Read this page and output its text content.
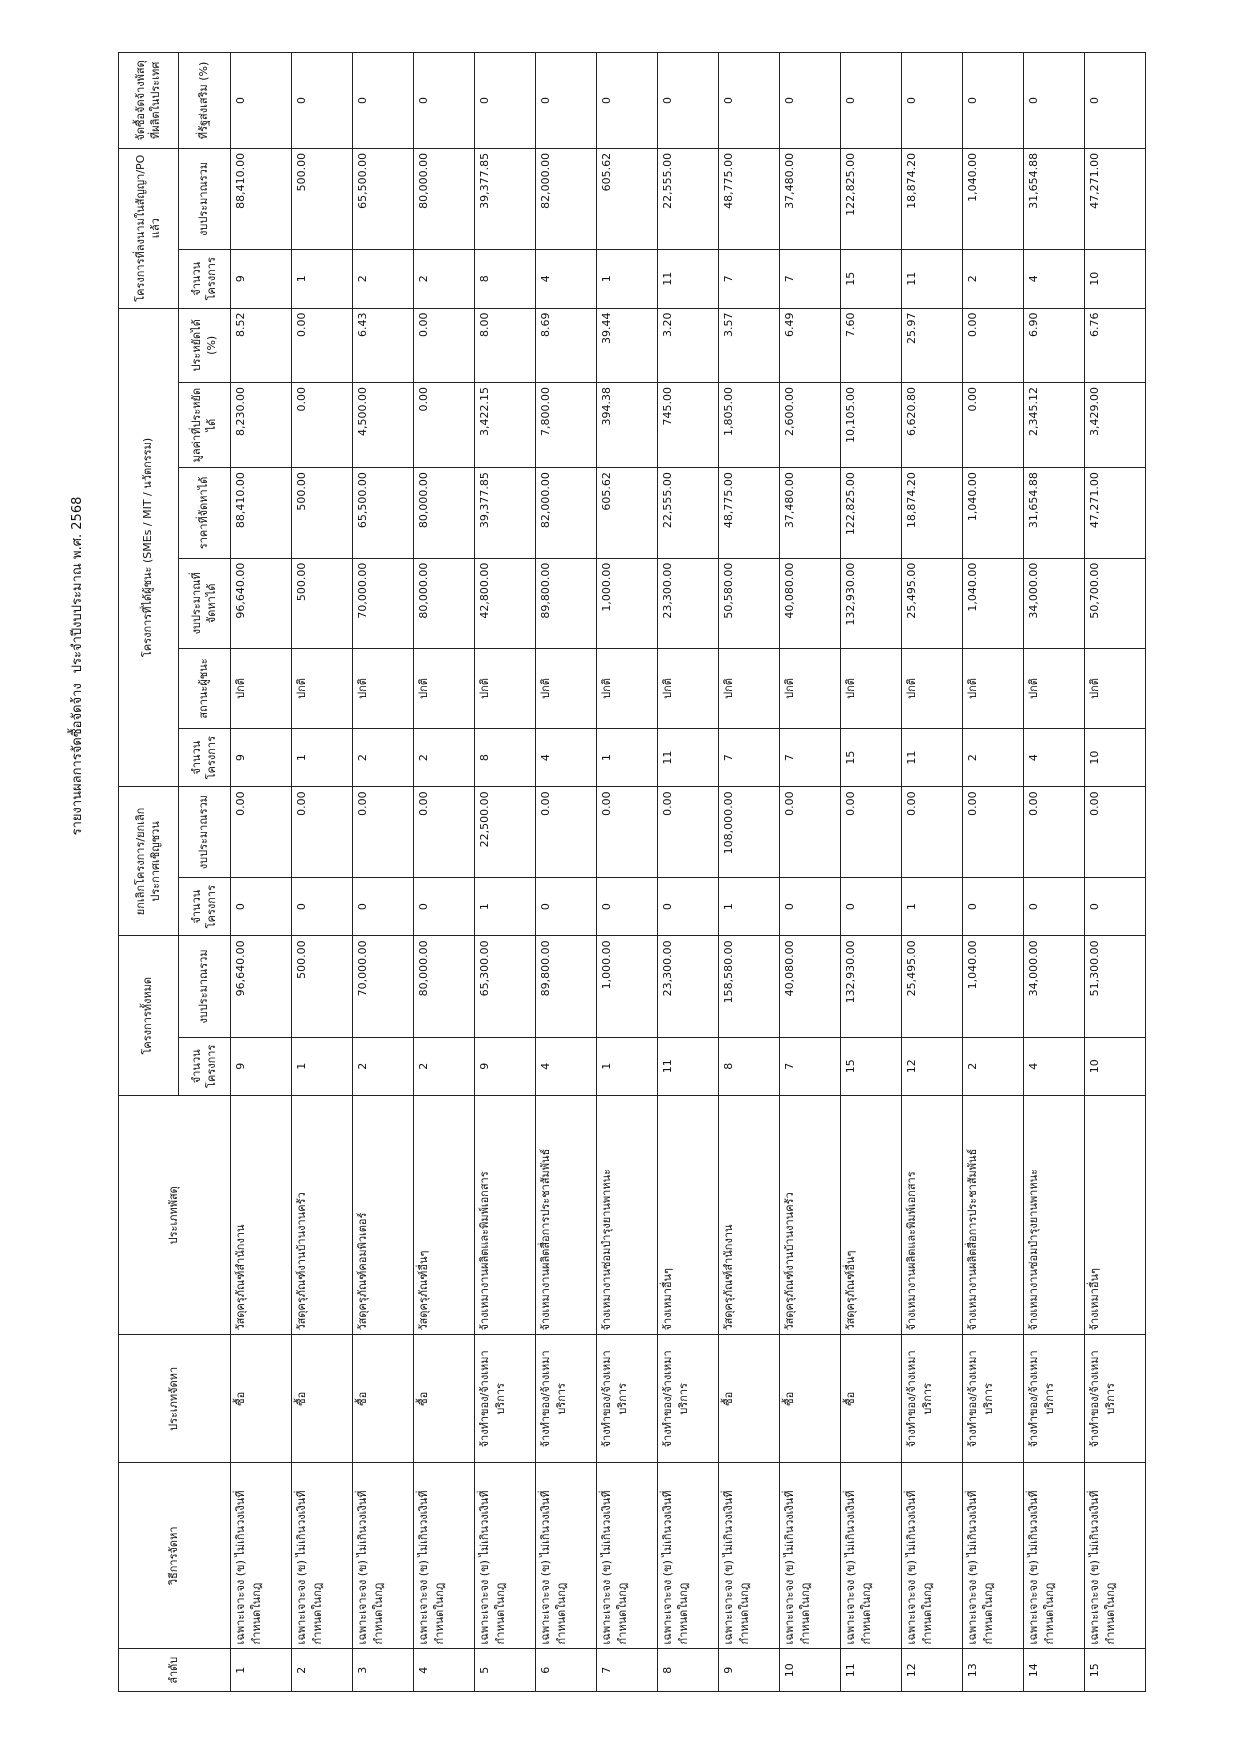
รายงานผลการจัดซื้อจัดจ้าง
ประจำปีงบประมาณ พ.ศ. 2568
ลำดับ	วิธีการจัดหา	ประเภทจัดหา	ประเภทพัสดุ	โครงการทั้งหมด		ยกเลิกโครงการ/ยกเลิกประกาศเชิญชวน		โครงการที่ได้ผู้ชนะ (SMEs / MIT / นวัตกรรม)						โครงการที่ลงนามในสัญญา/PO แล้ว		จัดซื้อจัดจ้างพัสดุที่ผลิตในประเทศ
				จำนวนโครงการ	งบประมาณรวม	จำนวนโครงการ	งบประมาณรวม	จำนวนโครงการ	สถานะผู้ชนะ	งบประมาณที่จัดหาได้	ราคาที่จัดหาได้	มูลค่าที่ประหยัดได้	ประหยัดได้ (%)	จำนวนโครงการ	งบประมาณรวม	ที่รัฐส่งเสริม (%)
1	เฉพาะเจาะจง (ข) ไม่เกินวงเงินที่กำหนดในกฎ	ซื้อ	วัสดุครุภัณฑ์สำนักงาน	9	96,640.00	0	0.00	9	ปกติ	96,640.00	88,410.00	8,230.00	8.52	9	88,410.00	0
2	เฉพาะเจาะจง (ข) ไม่เกินวงเงินที่กำหนดในกฎ	ซื้อ	วัสดุครุภัณฑ์งานบ้านงานครัว	1	500.00	0	0.00	1	ปกติ	500.00	500.00	0.00	0.00	1	500.00	0
3	เฉพาะเจาะจง (ข) ไม่เกินวงเงินที่กำหนดในกฎ	ซื้อ	วัสดุครุภัณฑ์คอมพิวเตอร์	2	70,000.00	0	0.00	2	ปกติ	70,000.00	65,500.00	4,500.00	6.43	2	65,500.00	0
4	เฉพาะเจาะจง (ข) ไม่เกินวงเงินที่กำหนดในกฎ	ซื้อ	วัสดุครุภัณฑ์อื่นๆ	2	80,000.00	0	0.00	2	ปกติ	80,000.00	80,000.00	0.00	0.00	2	80,000.00	0
5	เฉพาะเจาะจง (ข) ไม่เกินวงเงินที่กำหนดในกฎ	จ้างทำของ/จ้างเหมาบริการ	จ้างเหมางานผลิตและพิมพ์เอกสาร	9	65,300.00	1	22,500.00	8	ปกติ	42,800.00	39,377.85	3,422.15	8.00	8	39,377.85	0
6	เฉพาะเจาะจง (ข) ไม่เกินวงเงินที่กำหนดในกฎ	จ้างทำของ/จ้างเหมาบริการ	จ้างเหมางานผลิตสื่อการประชาสัมพันธ์	4	89,800.00	0	0.00	4	ปกติ	89,800.00	82,000.00	7,800.00	8.69	4	82,000.00	0
7	เฉพาะเจาะจง (ข) ไม่เกินวงเงินที่กำหนดในกฎ	จ้างทำของ/จ้างเหมาบริการ	จ้างเหมางานซ่อมบำรุงยานพาหนะ	1	1,000.00	0	0.00	1	ปกติ	1,000.00	605.62	394.38	39.44	1	605.62	0
8	เฉพาะเจาะจง (ข) ไม่เกินวงเงินที่กำหนดในกฎ	จ้างทำของ/จ้างเหมาบริการ	จ้างเหมาอื่นๆ	11	23,300.00	0	0.00	11	ปกติ	23,300.00	22,555.00	745.00	3.20	11	22,555.00	0
9	เฉพาะเจาะจง (ข) ไม่เกินวงเงินที่กำหนดในกฎ	ซื้อ	วัสดุครุภัณฑ์สำนักงาน	8	158,580.00	1	108,000.00	7	ปกติ	50,580.00	48,775.00	1,805.00	3.57	7	48,775.00	0
10	เฉพาะเจาะจง (ข) ไม่เกินวงเงินที่กำหนดในกฎ	ซื้อ	วัสดุครุภัณฑ์งานบ้านงานครัว	7	40,080.00	0	0.00	7	ปกติ	40,080.00	37,480.00	2,600.00	6.49	7	37,480.00	0
11	เฉพาะเจาะจง (ข) ไม่เกินวงเงินที่กำหนดในกฎ	ซื้อ	วัสดุครุภัณฑ์อื่นๆ	15	132,930.00	0	0.00	15	ปกติ	132,930.00	122,825.00	10,105.00	7.60	15	122,825.00	0
12	เฉพาะเจาะจง (ข) ไม่เกินวงเงินที่กำหนดในกฎ	จ้างทำของ/จ้างเหมาบริการ	จ้างเหมางานผลิตและพิมพ์เอกสาร	12	25,495.00	1	0.00	11	ปกติ	25,495.00	18,874.20	6,620.80	25.97	11	18,874.20	0
13	เฉพาะเจาะจง (ข) ไม่เกินวงเงินที่กำหนดในกฎ	จ้างทำของ/จ้างเหมาบริการ	จ้างเหมางานผลิตสื่อการประชาสัมพันธ์	2	1,040.00	0	0.00	2	ปกติ	1,040.00	1,040.00	0.00	0.00	2	1,040.00	0
14	เฉพาะเจาะจง (ข) ไม่เกินวงเงินที่กำหนดในกฎ	จ้างทำของ/จ้างเหมาบริการ	จ้างเหมางานซ่อมบำรุงยานพาหนะ	4	34,000.00	0	0.00	4	ปกติ	34,000.00	31,654.88	2,345.12	6.90	4	31,654.88	0
15	เฉพาะเจาะจง (ข) ไม่เกินวงเงินที่กำหนดในกฎ	จ้างทำของ/จ้างเหมาบริการ	จ้างเหมาอื่นๆ	10	51,300.00	0	0.00	10	ปกติ	50,700.00	47,271.00	3,429.00	6.76	10	47,271.00	0
